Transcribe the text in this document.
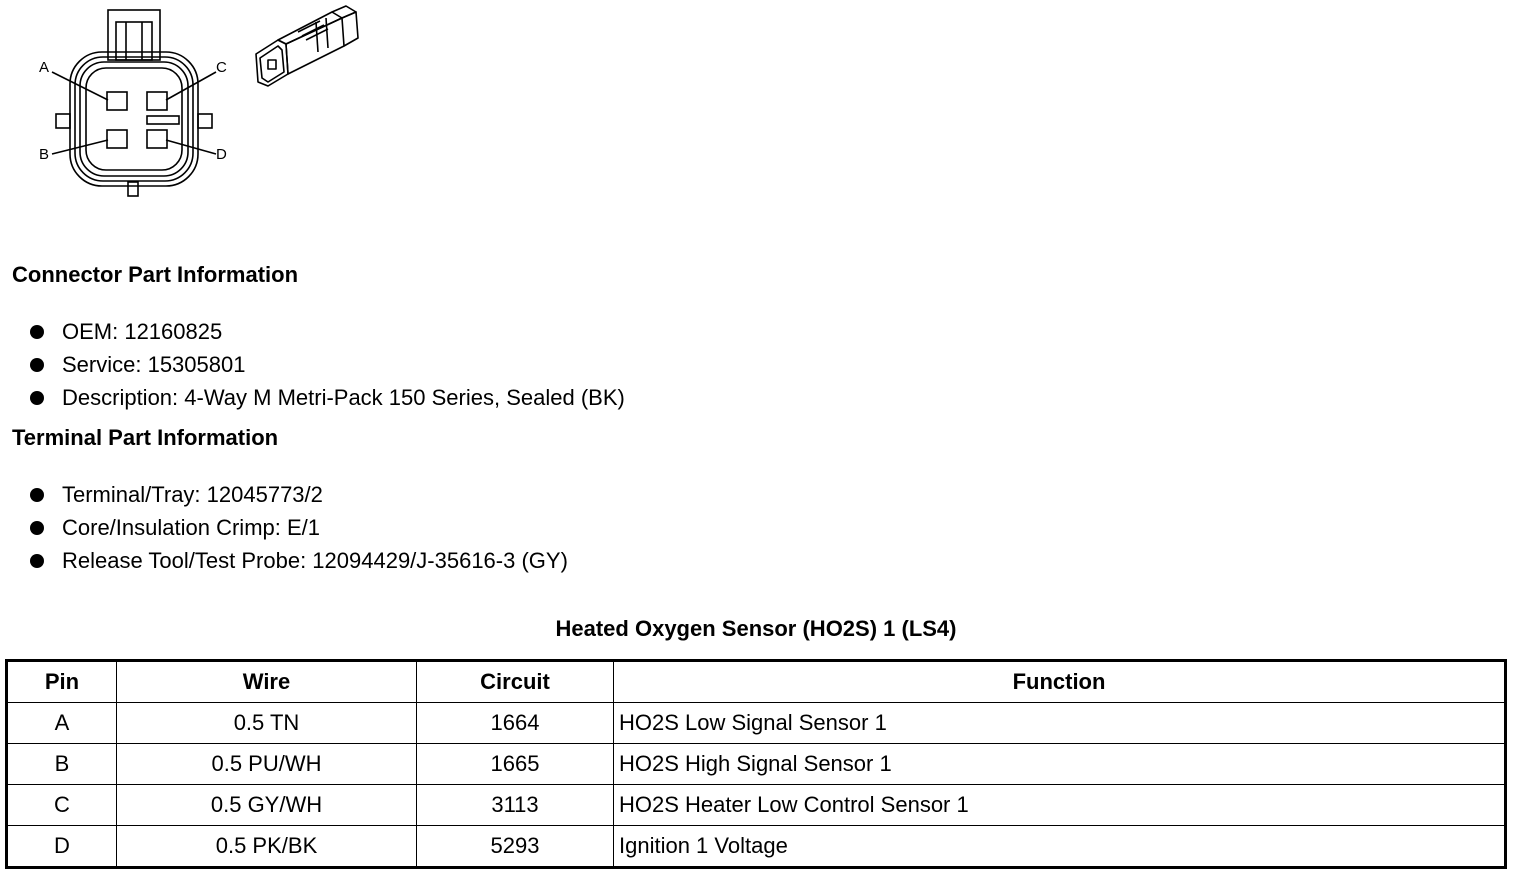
A	C
B	D
Connector Part Information
OEM: 12160825
Service: 15305801
Description: 4-Way M Metri-Pack 150 Series, Sealed (BK)
Terminal Part Information
Terminal/Tray: 12045773/2
Core/Insulation Crimp: E/1
Release Tool/Test Probe: 12094429/J-35616-3 (GY)
Heated Oxygen Sensor (HO2S) 1 (LS4)
Pin	Wire	Circuit	Function
A	0.5 TN	1664	HO2S Low Signal Sensor 1
B	0.5 PU/WH	1665	HO2S High Signal Sensor 1
C	0.5 GY/WH	3113	HO2S Heater Low Control Sensor 1
D	0.5 PK/BK	5293	Ignition 1 Voltage
